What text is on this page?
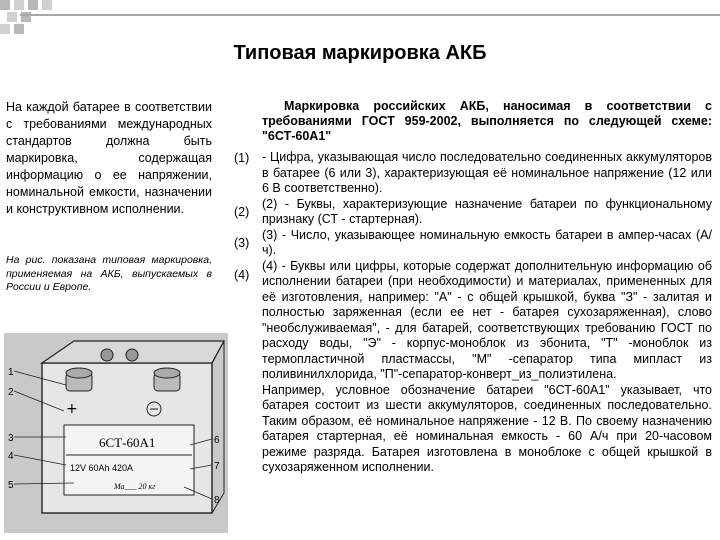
Типовая маркировка АКБ
На каждой батарее в соответствии с требованиями международных стандартов должна быть маркировка, содержащая информацию о ее напряжении, номинальной емкости, назначении и конструктивном исполнении.
На рис. показана типовая маркировка, применяемая на АКБ, выпускаемых в России и Европе.
+
6СТ-60А1
12V 60Ah 420A
Ма___ 20 кг
1
2
3
4
5
6
7
8
Маркировка российских АКБ, наносимая в соответствии с требованиями ГОСТ 959-2002, выполняется по следующей схеме: "6СТ-60А1"
(1)
(2)
(3)
(4)

- Цифра, указывающая число последовательно соединенных аккумуляторов в батарее (6 или 3), характеризующая её номинальное напряжение (12 или 6 В соответственно).

(2) - Буквы, характеризующие назначение батареи по функциональному признаку (СТ - стартерная).

(3) - Число, указывающее номинальную емкость батареи в ампер-часах (А/ч).

(4) - Буквы или цифры, которые содержат дополнительную информацию об исполнении батареи (при необходимости) и материалах, примененных для её изготовления, например: "А" - с общей крышкой, буква "З" - залитая и полностью заряженная (если ее нет - батарея сухозаряженная), слово "необслуживаемая", - для батарей, соответствующих требованию ГОСТ по расходу воды, "Э" - корпус-моноблок из эбонита, "Т" -моноблок из термопластичной пластмассы, "М" -сепаратор типа мипласт из поливинилхлорида, "П"-сепаратор-конверт_из_полиэтилена.

Например, условное обозначение батареи "6СТ-60А1" указывает, что батарея состоит из шести аккумуляторов, соединенных последовательно. Таким образом, её номинальное напряжение - 12 В. По своему назначению батарея стартерная, её номинальная емкость - 60 А/ч при 20-часовом режиме разряда. Батарея изготовлена в моноблоке с общей крышкой в сухозаряженном исполнении.
